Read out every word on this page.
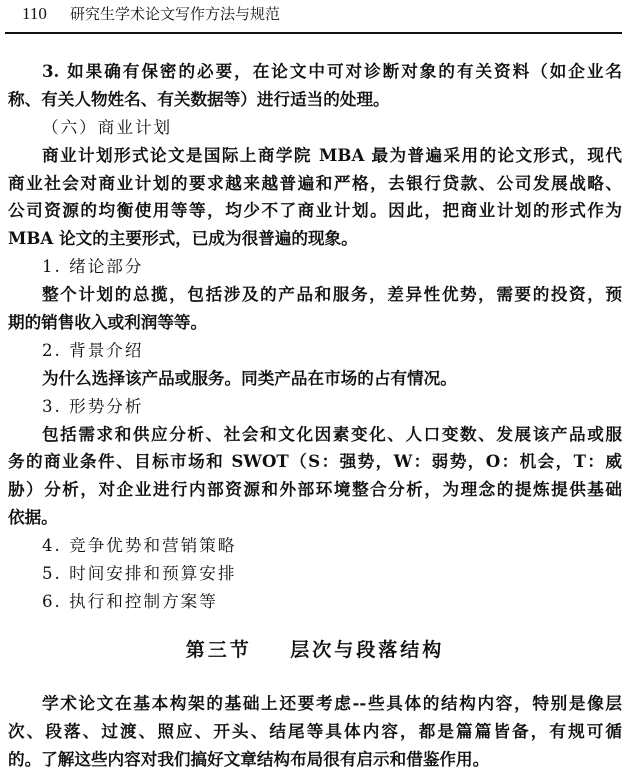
110 研究生学术论文写作方法与规范
3. 如果确有保密的必要，在论文中可对诊断对象的有关资料（如企业名
称、有关人物姓名、有关数据等）进行适当的处理。
（六）商业计划
商业计划形式论文是国际上商学院 MBA 最为普遍采用的论文形式，现代
商业社会对商业计划的要求越来越普遍和严格，去银行贷款、公司发展战略、
公司资源的均衡使用等等，均少不了商业计划。因此，把商业计划的形式作为
MBA 论文的主要形式，已成为很普遍的现象。
1. 绪论部分
整个计划的总揽，包括涉及的产品和服务，差异性优势，需要的投资，预
期的销售收入或利润等等。
2. 背景介绍
为什么选择该产品或服务。同类产品在市场的占有情况。
3. 形势分析
包括需求和供应分析、社会和文化因素变化、人口变数、发展该产品或服
务的商业条件、目标市场和 SWOT（S：强势，W：弱势，O：机会，T：威
胁）分析，对企业进行内部资源和外部环境整合分析，为理念的提炼提供基础
依据。
4. 竞争优势和营销策略
5. 时间安排和预算安排
6. 执行和控制方案等
第三节    层次与段落结构
学术论文在基本构架的基础上还要考虑--些具体的结构内容，特别是像层
次、段落、过渡、照应、开头、结尾等具体内容，都是篇篇皆备，有规可循
的。了解这些内容对我们搞好文章结构布局很有启示和借鉴作用。
